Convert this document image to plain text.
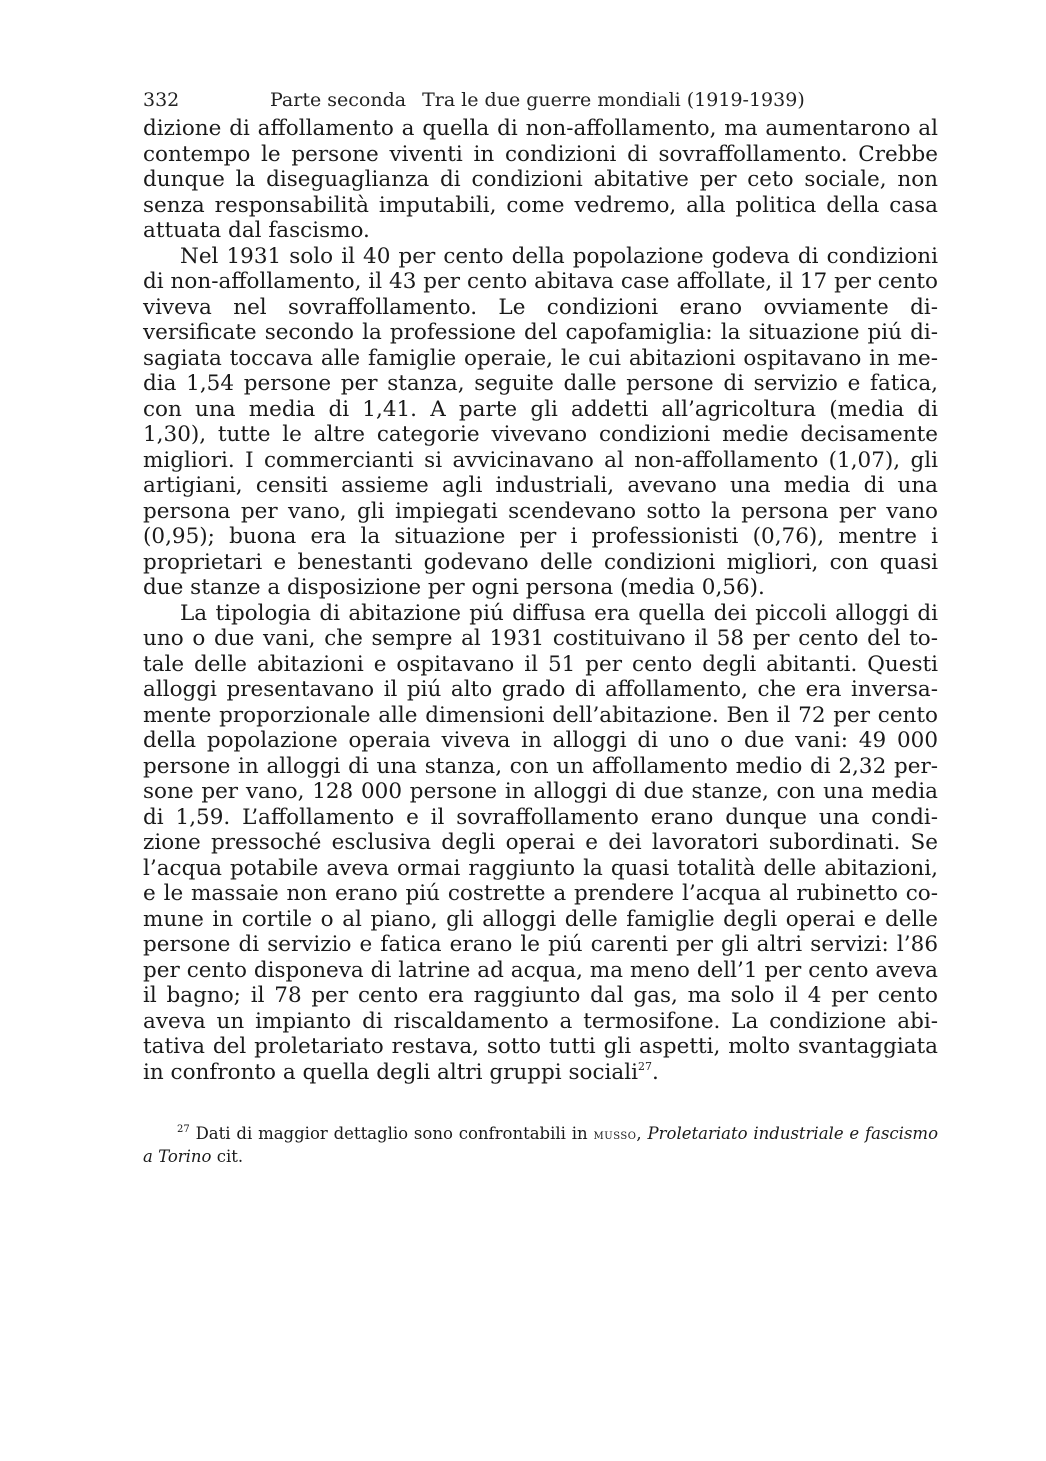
332	Parte seconda Tra le due guerre mondiali (1919-1939)

dizione di affollamento a quella di non-affollamento, ma aumentarono al contempo le persone viventi in condizioni di sovraffollamento. Crebbe dunque la diseguaglianza di condizioni abitative per ceto sociale, non senza responsabilità imputabili, come vedremo, alla politica della casa attuata dal fascismo.

Nel 1931 solo il 40 per cento della popolazione godeva di condizioni di non-affollamento, il 43 per cento abitava case affollate, il 17 per cento viveva nel sovraffollamento. Le condizioni erano ovviamente diversificate secondo la professione del capofamiglia: la situazione piú disagiata toccava alle famiglie operaie, le cui abitazioni ospitavano in media 1,54 persone per stanza, seguite dalle persone di servizio e fatica, con una media di 1,41. A parte gli addetti all’agricoltura (media di 1,30), tutte le altre categorie vivevano condizioni medie decisamente migliori. I commercianti si avvicinavano al non-affollamento (1,07), gli artigiani, censiti assieme agli industriali, avevano una media di una persona per vano, gli impiegati scendevano sotto la persona per vano (0,95); buona era la situazione per i professionisti (0,76), mentre i proprietari e benestanti godevano delle condizioni migliori, con quasi due stanze a disposizione per ogni persona (media 0,56).

La tipologia di abitazione piú diffusa era quella dei piccoli alloggi di uno o due vani, che sempre al 1931 costituivano il 58 per cento del totale delle abitazioni e ospitavano il 51 per cento degli abitanti. Questi alloggi presentavano il piú alto grado di affollamento, che era inversamente proporzionale alle dimensioni dell’abitazione. Ben il 72 per cento della popolazione operaia viveva in alloggi di uno o due vani: 49 000 persone in alloggi di una stanza, con un affollamento medio di 2,32 persone per vano, 128 000 persone in alloggi di due stanze, con una media di 1,59. L’affollamento e il sovraffollamento erano dunque una condizione pressoché esclusiva degli operai e dei lavoratori subordinati. Se l’acqua potabile aveva ormai raggiunto la quasi totalità delle abitazioni, e le massaie non erano piú costrette a prendere l’acqua al rubinetto comune in cortile o al piano, gli alloggi delle famiglie degli operai e delle persone di servizio e fatica erano le piú carenti per gli altri servizi: l’86 per cento disponeva di latrine ad acqua, ma meno dell’1 per cento aveva il bagno; il 78 per cento era raggiunto dal gas, ma solo il 4 per cento aveva un impianto di riscaldamento a termosifone. La condizione abitativa del proletariato restava, sotto tutti gli aspetti, molto svantaggiata in confronto a quella degli altri gruppi sociali$^{27}$.

$^{27}$ Dati di maggior dettaglio sono confrontabili in musso, Proletariato industriale e fascismo a Torino cit.
